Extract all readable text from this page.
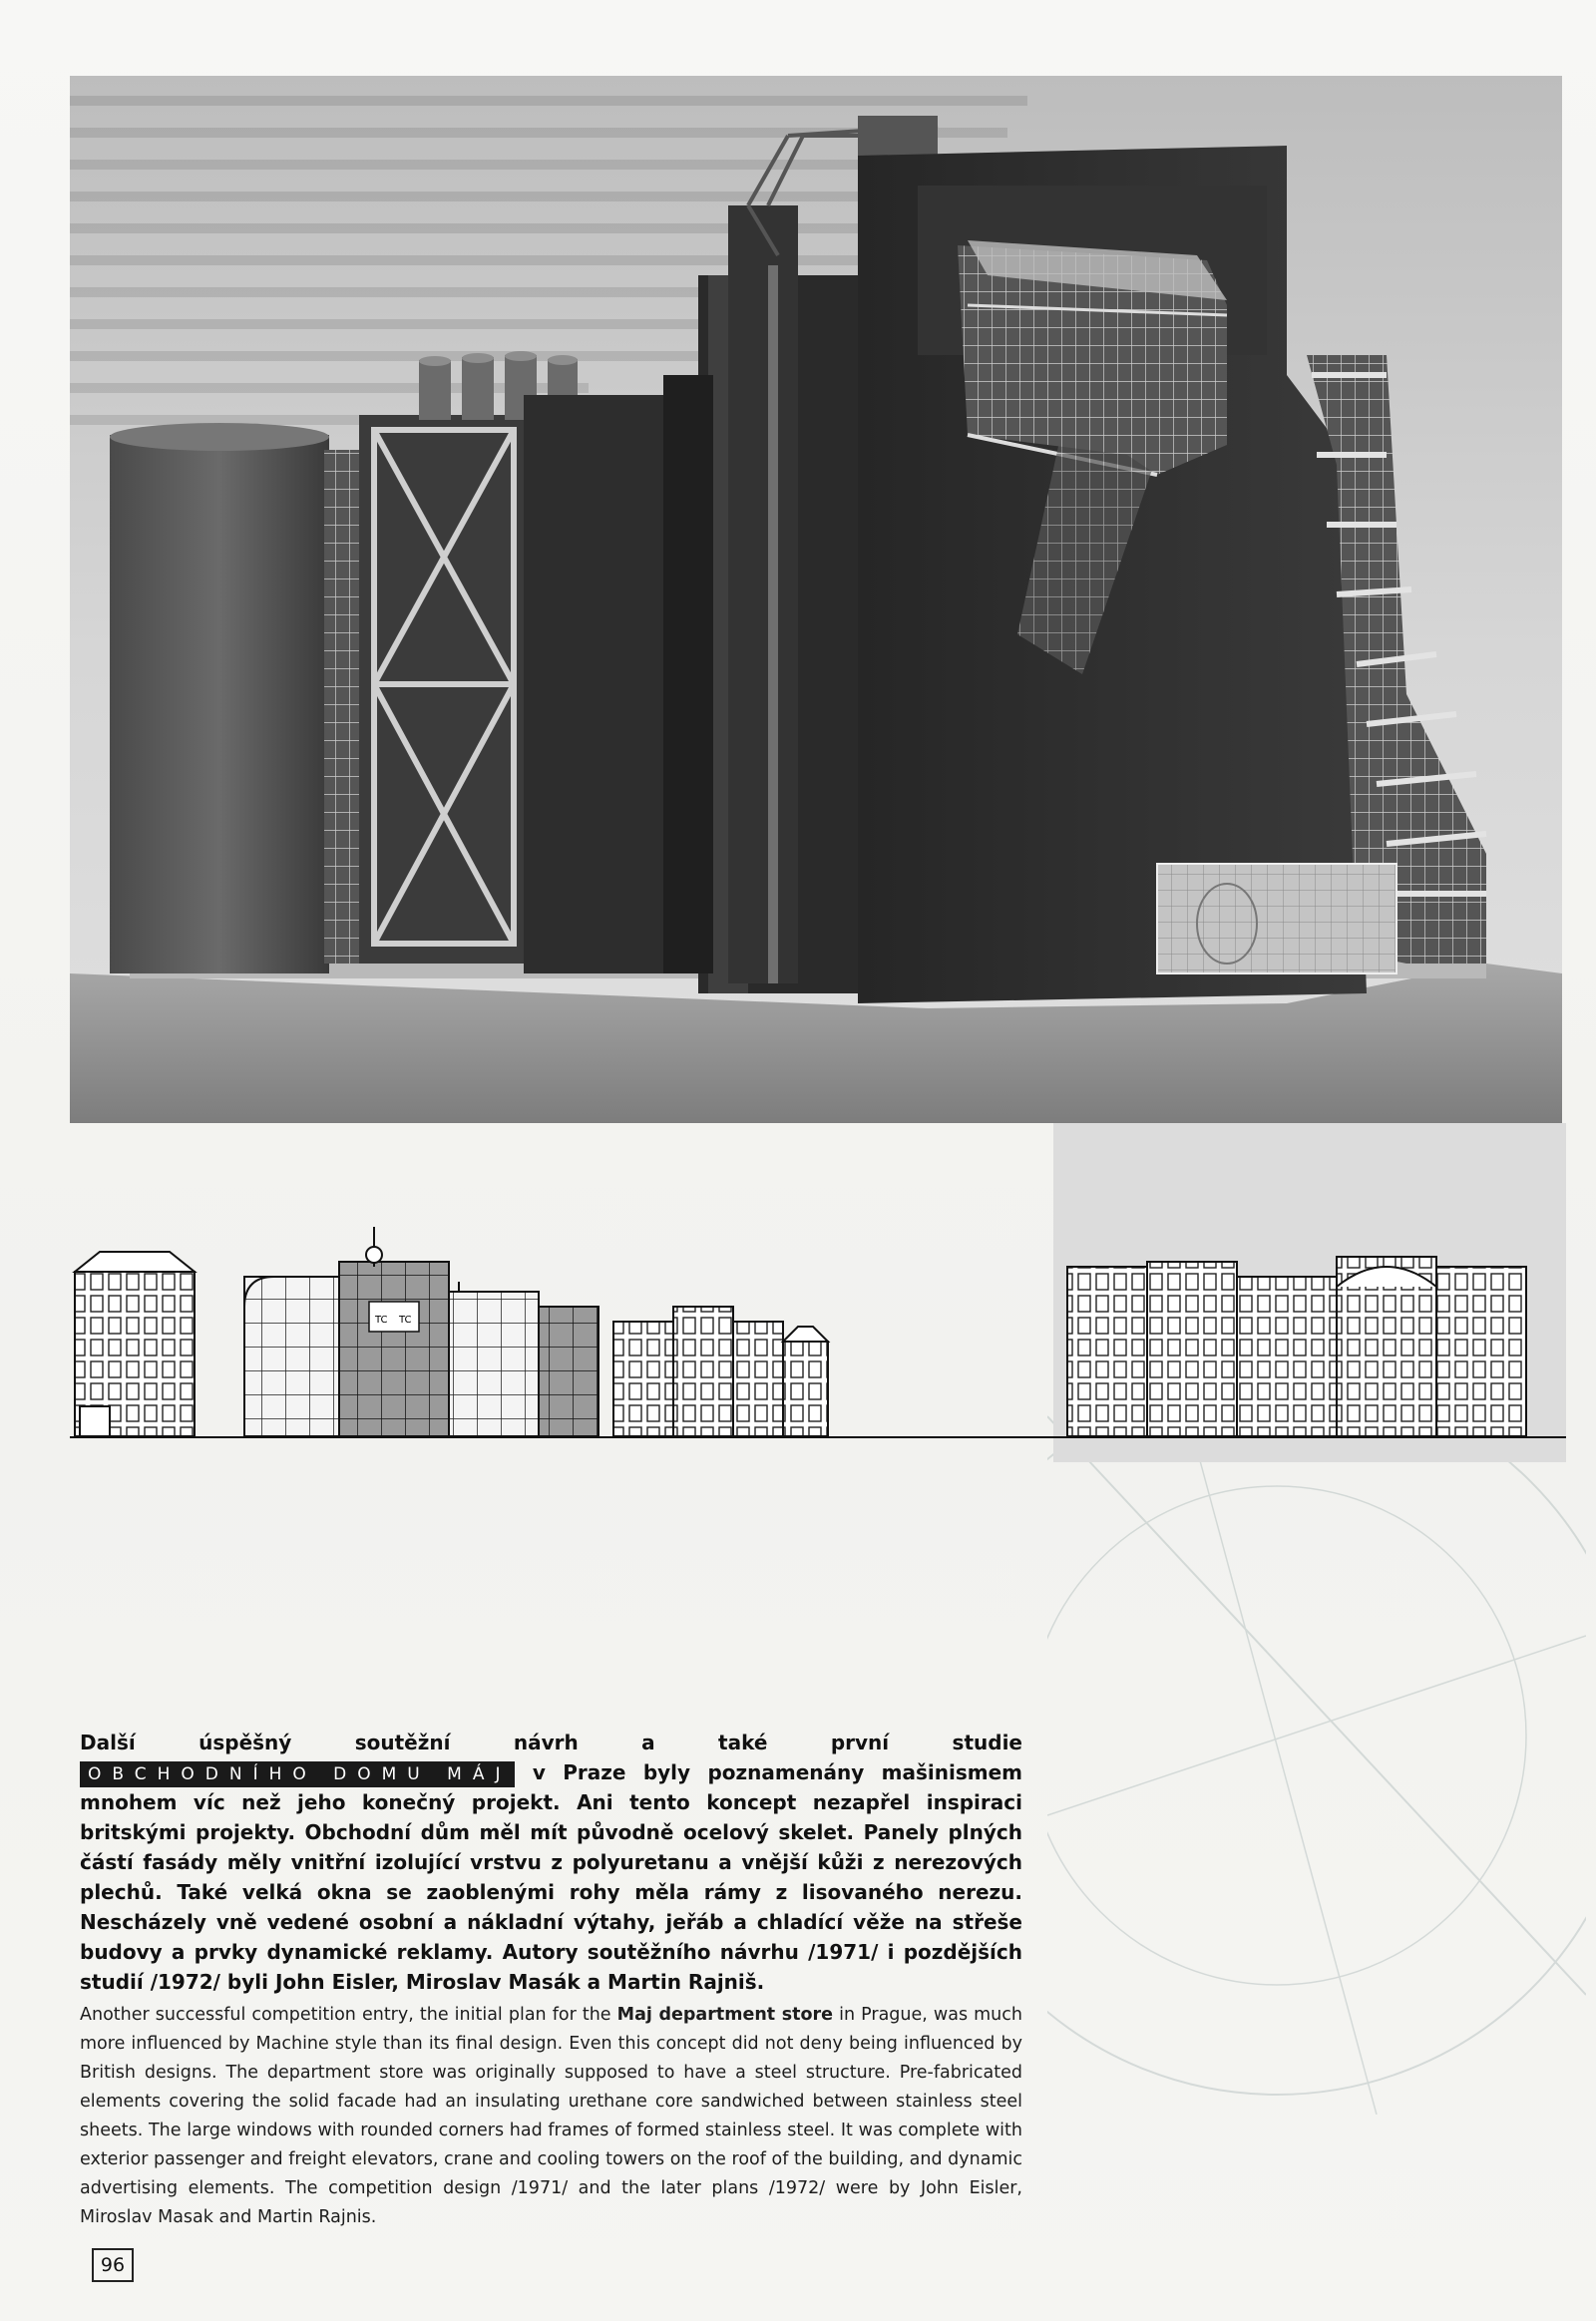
TC TC

Další úspěšný soutěžní návrh a také první studie OBCHODNÍHO DOMU MÁJ v Praze byly poznamenány mašinismem mnohem víc než jeho konečný projekt. Ani tento koncept nezapřel inspiraci britskými projekty. Obchodní dům měl mít původně ocelový skelet. Panely plných částí fasády měly vnitřní izolující vrstvu z polyuretanu a vnější kůži z nerezových plechů. Také velká okna se zaoblenými rohy měla rámy z lisovaného nerezu. Nescházely vně vedené osobní a nákladní výtahy, jeřáb a chladící věže na střeše budovy a prvky dynamické reklamy. Autory soutěžního návrhu /1971/ i pozdějších studií /1972/ byli John Eisler, Miroslav Masák a Martin Rajniš.

Another successful competition entry, the initial plan for the Maj department store in Prague, was much more influenced by Machine style than its final design. Even this concept did not deny being influenced by British designs. The department store was originally supposed to have a steel structure. Pre-fabricated elements covering the solid facade had an insulating urethane core sandwiched between stainless steel sheets. The large windows with rounded corners had frames of formed stainless steel. It was complete with exterior passenger and freight elevators, crane and cooling towers on the roof of the building, and dynamic advertising elements. The competition design /1971/ and the later plans /1972/ were by John Eisler, Miroslav Masak and Martin Rajnis.

96
